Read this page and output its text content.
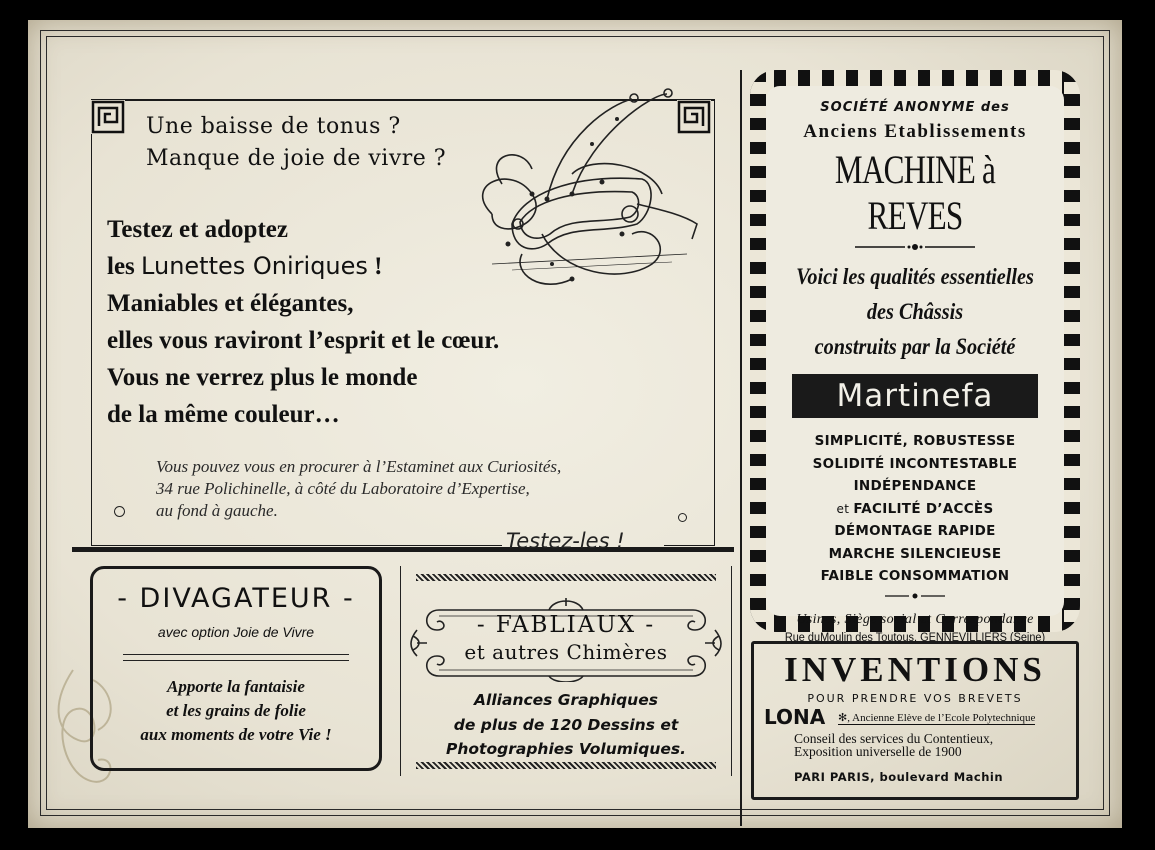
Une baisse de tonus ?
Manque de joie de vivre ?
Testez et adoptez
les Lunettes Oniriques !
Maniables et élégantes,
elles vous raviront l’esprit et le cœur.
Vous ne verrez plus le monde
de la même couleur…
Vous pouvez vous en procurer à l’Estaminet aux Curiosités,
34 rue Polichinelle, à côté du Laboratoire d’Expertise,
au fond à gauche.
Testez-les !
- DIVAGATEUR -
avec option Joie de Vivre
Apporte la fantaisie
et les grains de folie
aux moments de votre Vie !
- FABLIAUX -
et autres Chimères
Alliances Graphiques
de plus de 120 Dessins et
Photographies Volumiques.
SOCIÉTÉ ANONYME des
Anciens Etablissements
MACHINE à REVES
Voici les qualités essentielles
des Châssis
construits par la Société
Martinefa
SIMPLICITÉ, ROBUSTESSE
SOLIDITÉ INCONTESTABLE
INDÉPENDANCE
et FACILITÉ D’ACCÈS
DÉMONTAGE RAPIDE
MARCHE SILENCIEUSE
FAIBLE CONSOMMATION
Usines, Siège social et Correspondance
Rue duMoulin des Toutous, GENNEVILLIERS (Seine)
INVENTIONS
POUR PRENDRE VOS BREVETS
LONA ✻, Ancienne Elève de l’Ecole Polytechnique
Conseil des services du Contentieux,
Exposition universelle de 1900
PARI PARIS, boulevard Machin
